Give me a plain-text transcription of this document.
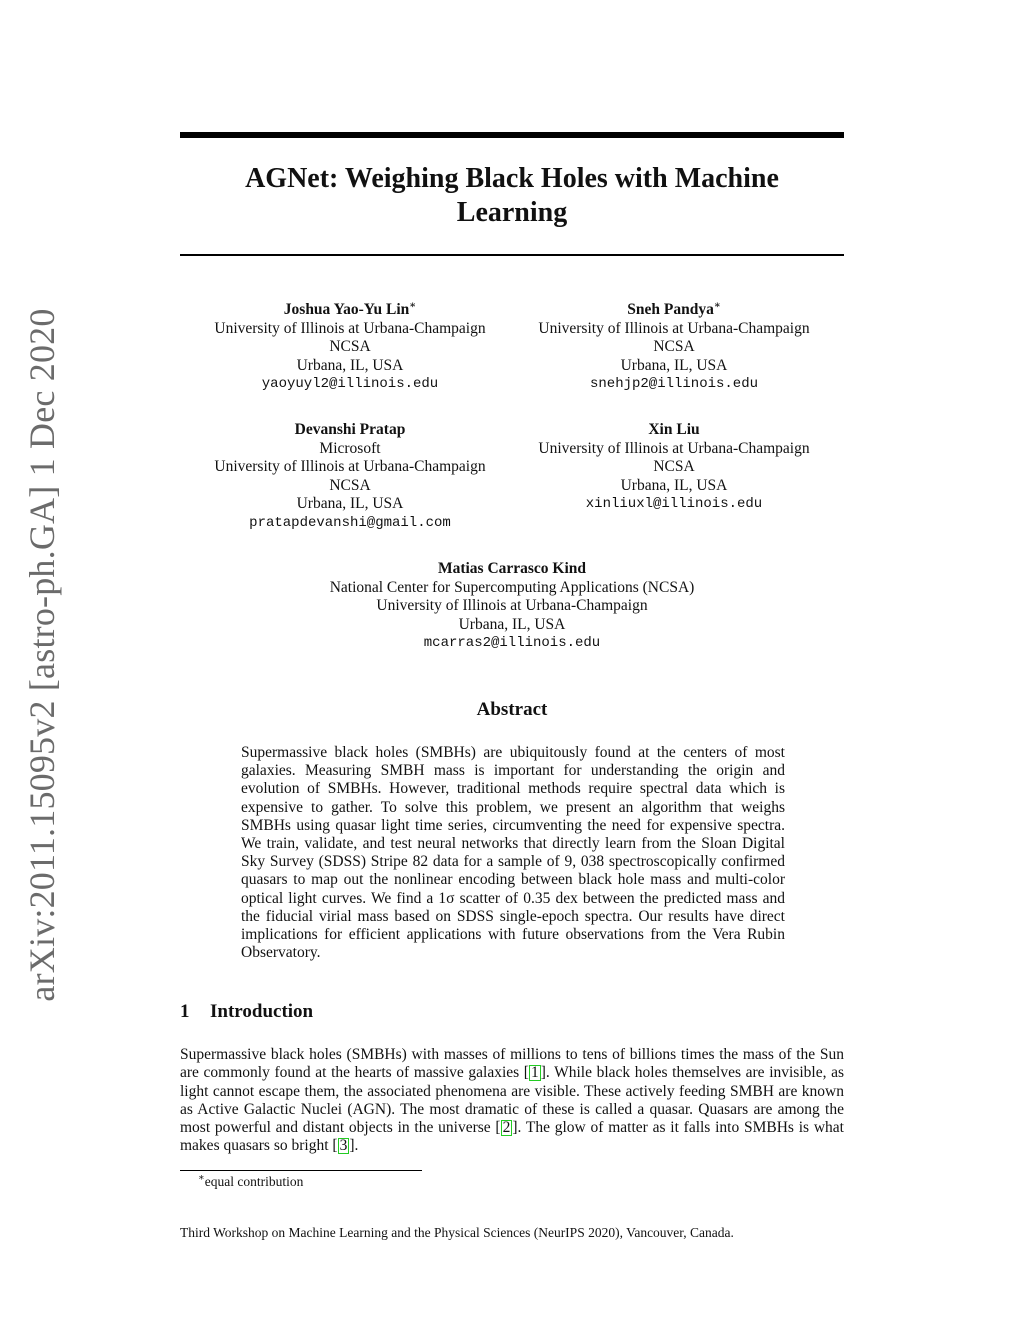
arXiv:2011.15095v2 [astro-ph.GA] 1 Dec 2020
AGNet: Weighing Black Holes with Machine
Learning
Joshua Yao-Yu Lin∗
University of Illinois at Urbana-Champaign
NCSA
Urbana, IL, USA
yaoyuyl2@illinois.edu
Sneh Pandya∗
University of Illinois at Urbana-Champaign
NCSA
Urbana, IL, USA
snehjp2@illinois.edu
Devanshi Pratap
Microsoft
University of Illinois at Urbana-Champaign
NCSA
Urbana, IL, USA
pratapdevanshi@gmail.com
Xin Liu
University of Illinois at Urbana-Champaign
NCSA
Urbana, IL, USA
xinliuxl@illinois.edu
Matias Carrasco Kind
National Center for Supercomputing Applications (NCSA)
University of Illinois at Urbana-Champaign
Urbana, IL, USA
mcarras2@illinois.edu
Abstract
Supermassive black holes (SMBHs) are ubiquitously found at the centers of most galaxies. Measuring SMBH mass is important for understanding the origin and evolution of SMBHs. However, traditional methods require spectral data which is expensive to gather. To solve this problem, we present an algorithm that weighs SMBHs using quasar light time series, circumventing the need for expensive spectra. We train, validate, and test neural networks that directly learn from the Sloan Digital Sky Survey (SDSS) Stripe 82 data for a sample of 9, 038 spectroscopically confirmed quasars to map out the nonlinear encoding between black hole mass and multi-color optical light curves. We find a 1σ scatter of 0.35 dex between the predicted mass and the fiducial virial mass based on SDSS single-epoch spectra. Our results have direct implications for efficient applications with future observations from the Vera Rubin Observatory.
1 Introduction
Supermassive black holes (SMBHs) with masses of millions to tens of billions times the mass of the Sun are commonly found at the hearts of massive galaxies [ 1 ]. While black holes themselves are invisible, as light cannot escape them, the associated phenomena are visible. These actively feeding SMBH are known as Active Galactic Nuclei (AGN). The most dramatic of these is called a quasar. Quasars are among the most powerful and distant objects in the universe [ 2 ]. The glow of matter as it falls into SMBHs is what makes quasars so bright [ 3 ].
∗equal contribution
Third Workshop on Machine Learning and the Physical Sciences (NeurIPS 2020), Vancouver, Canada.
